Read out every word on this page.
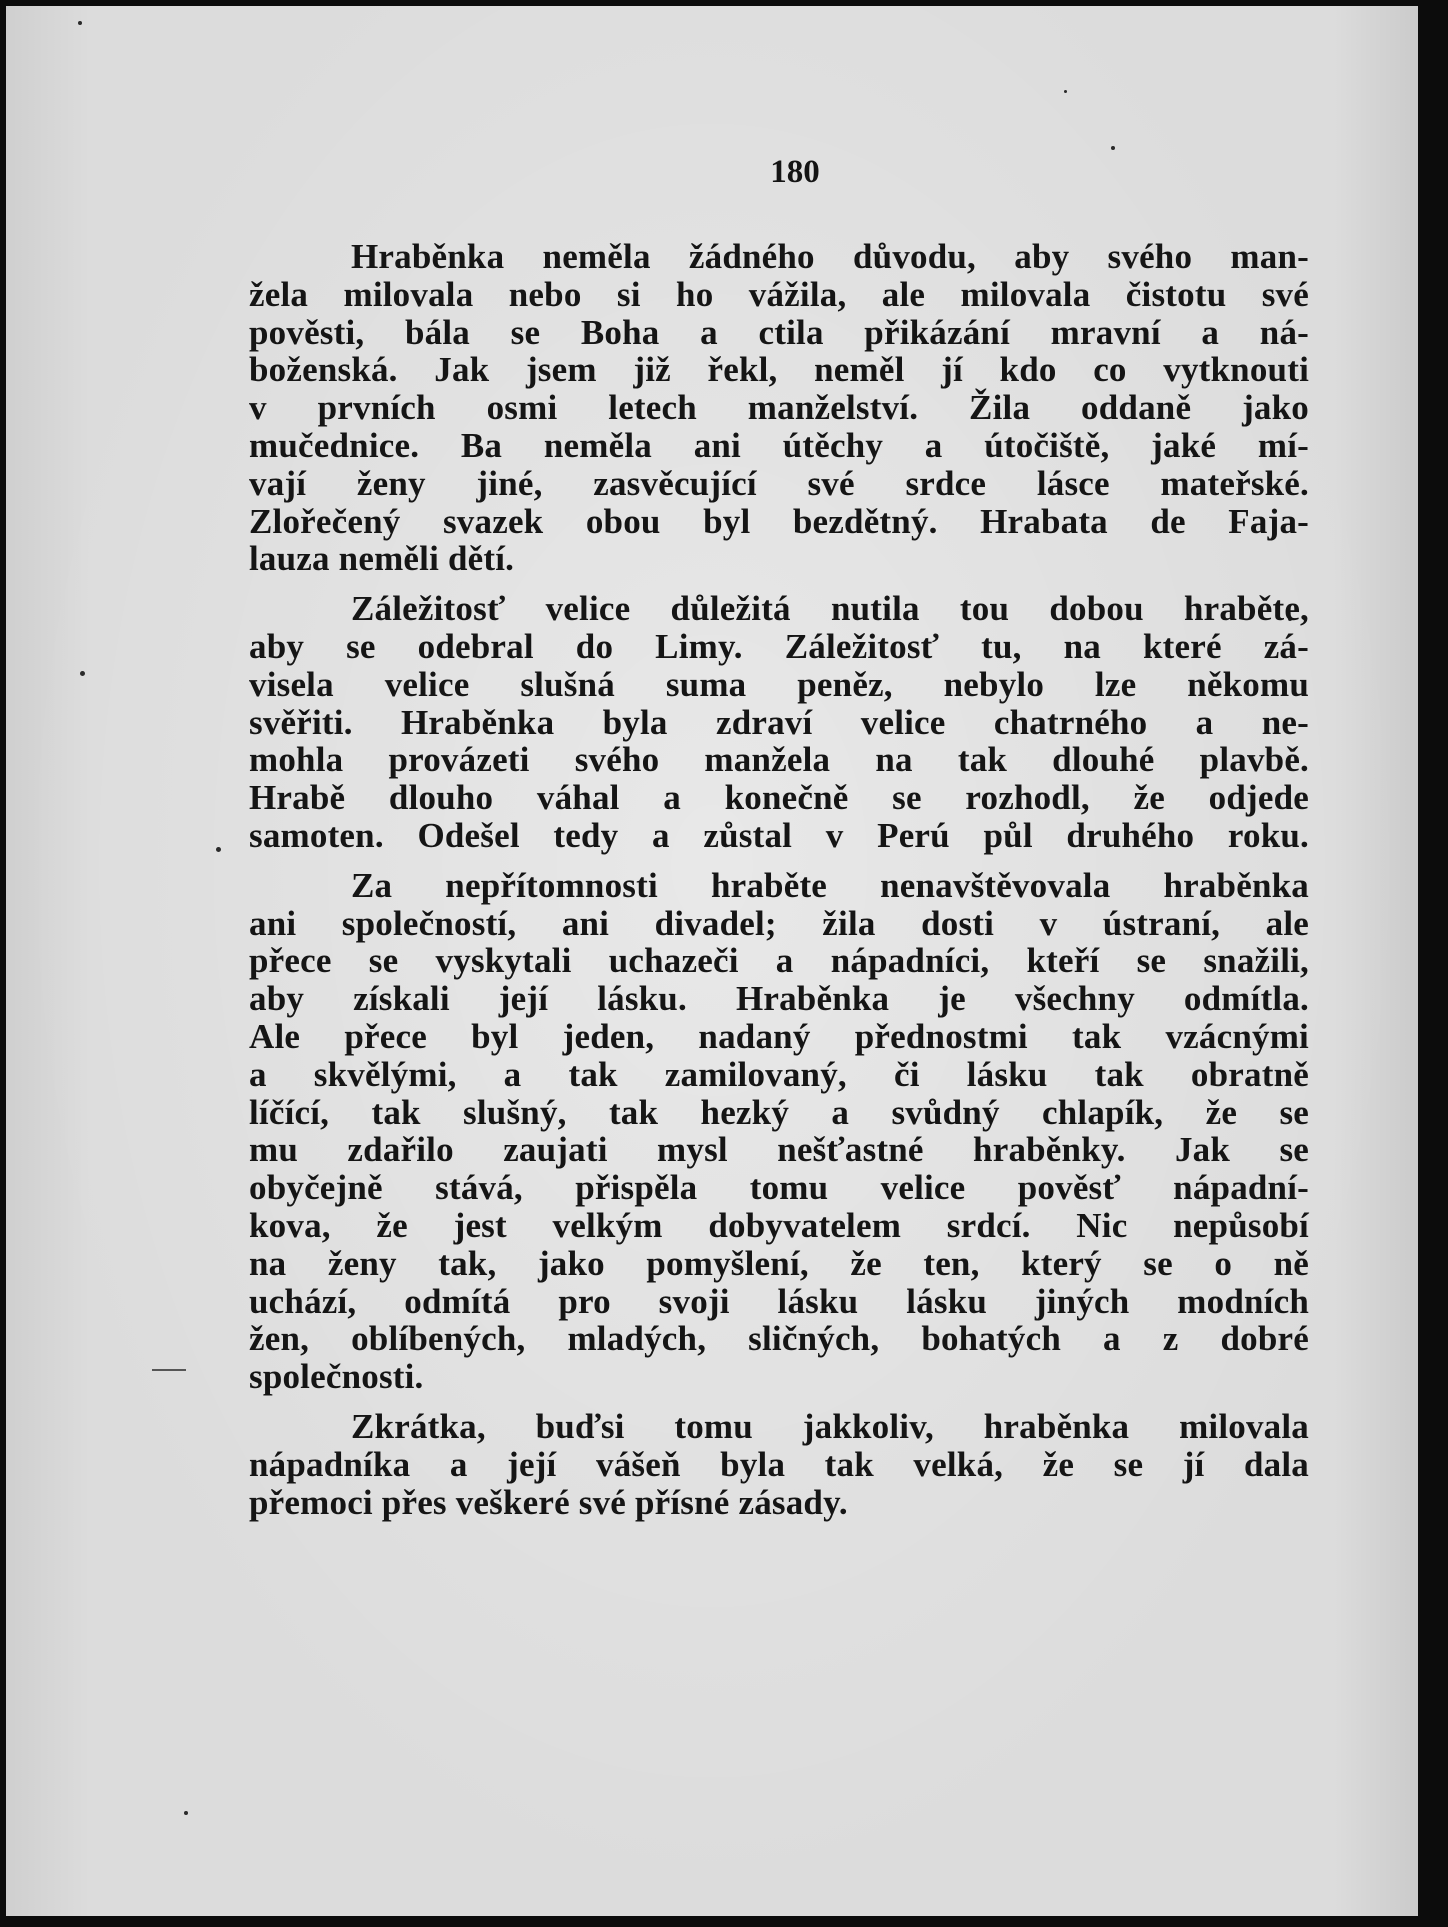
180
Hraběnka neměla žádného důvodu, aby svého man-
žela milovala nebo si ho vážila, ale milovala čistotu své
pověsti, bála se Boha a ctila přikázání mravní a ná-
boženská. Jak jsem již řekl, neměl jí kdo co vytknouti
v prvních osmi letech manželství. Žila oddaně jako
mučednice. Ba neměla ani útěchy a útočiště, jaké mí-
vají ženy jiné, zasvěcující své srdce lásce mateřské.
Zlořečený svazek obou byl bezdětný. Hrabata de Faja-
lauza neměli dětí.
Záležitosť velice důležitá nutila tou dobou hraběte,
aby se odebral do Limy. Záležitosť tu, na které zá-
visela velice slušná suma peněz, nebylo lze někomu
svěřiti. Hraběnka byla zdraví velice chatrného a ne-
mohla provázeti svého manžela na tak dlouhé plavbě.
Hrabě dlouho váhal a konečně se rozhodl, že odjede
samoten. Odešel tedy a zůstal v Perú půl druhého roku.
Za nepřítomnosti hraběte nenavštěvovala hraběnka
ani společností, ani divadel; žila dosti v ústraní, ale
přece se vyskytali uchazeči a nápadníci, kteří se snažili,
aby získali její lásku. Hraběnka je všechny odmítla.
Ale přece byl jeden, nadaný přednostmi tak vzácnými
a skvělými, a tak zamilovaný, či lásku tak obratně
líčící, tak slušný, tak hezký a svůdný chlapík, že se
mu zdařilo zaujati mysl nešťastné hraběnky. Jak se
obyčejně stává, přispěla tomu velice pověsť nápadní-
kova, že jest velkým dobyvatelem srdcí. Nic nepůsobí
na ženy tak, jako pomyšlení, že ten, který se o ně
uchází, odmítá pro svoji lásku lásku jiných modních
žen, oblíbených, mladých, sličných, bohatých a z dobré
společnosti.
Zkrátka, buďsi tomu jakkoliv, hraběnka milovala
nápadníka a její vášeň byla tak velká, že se jí dala
přemoci přes veškeré své přísné zásady.
